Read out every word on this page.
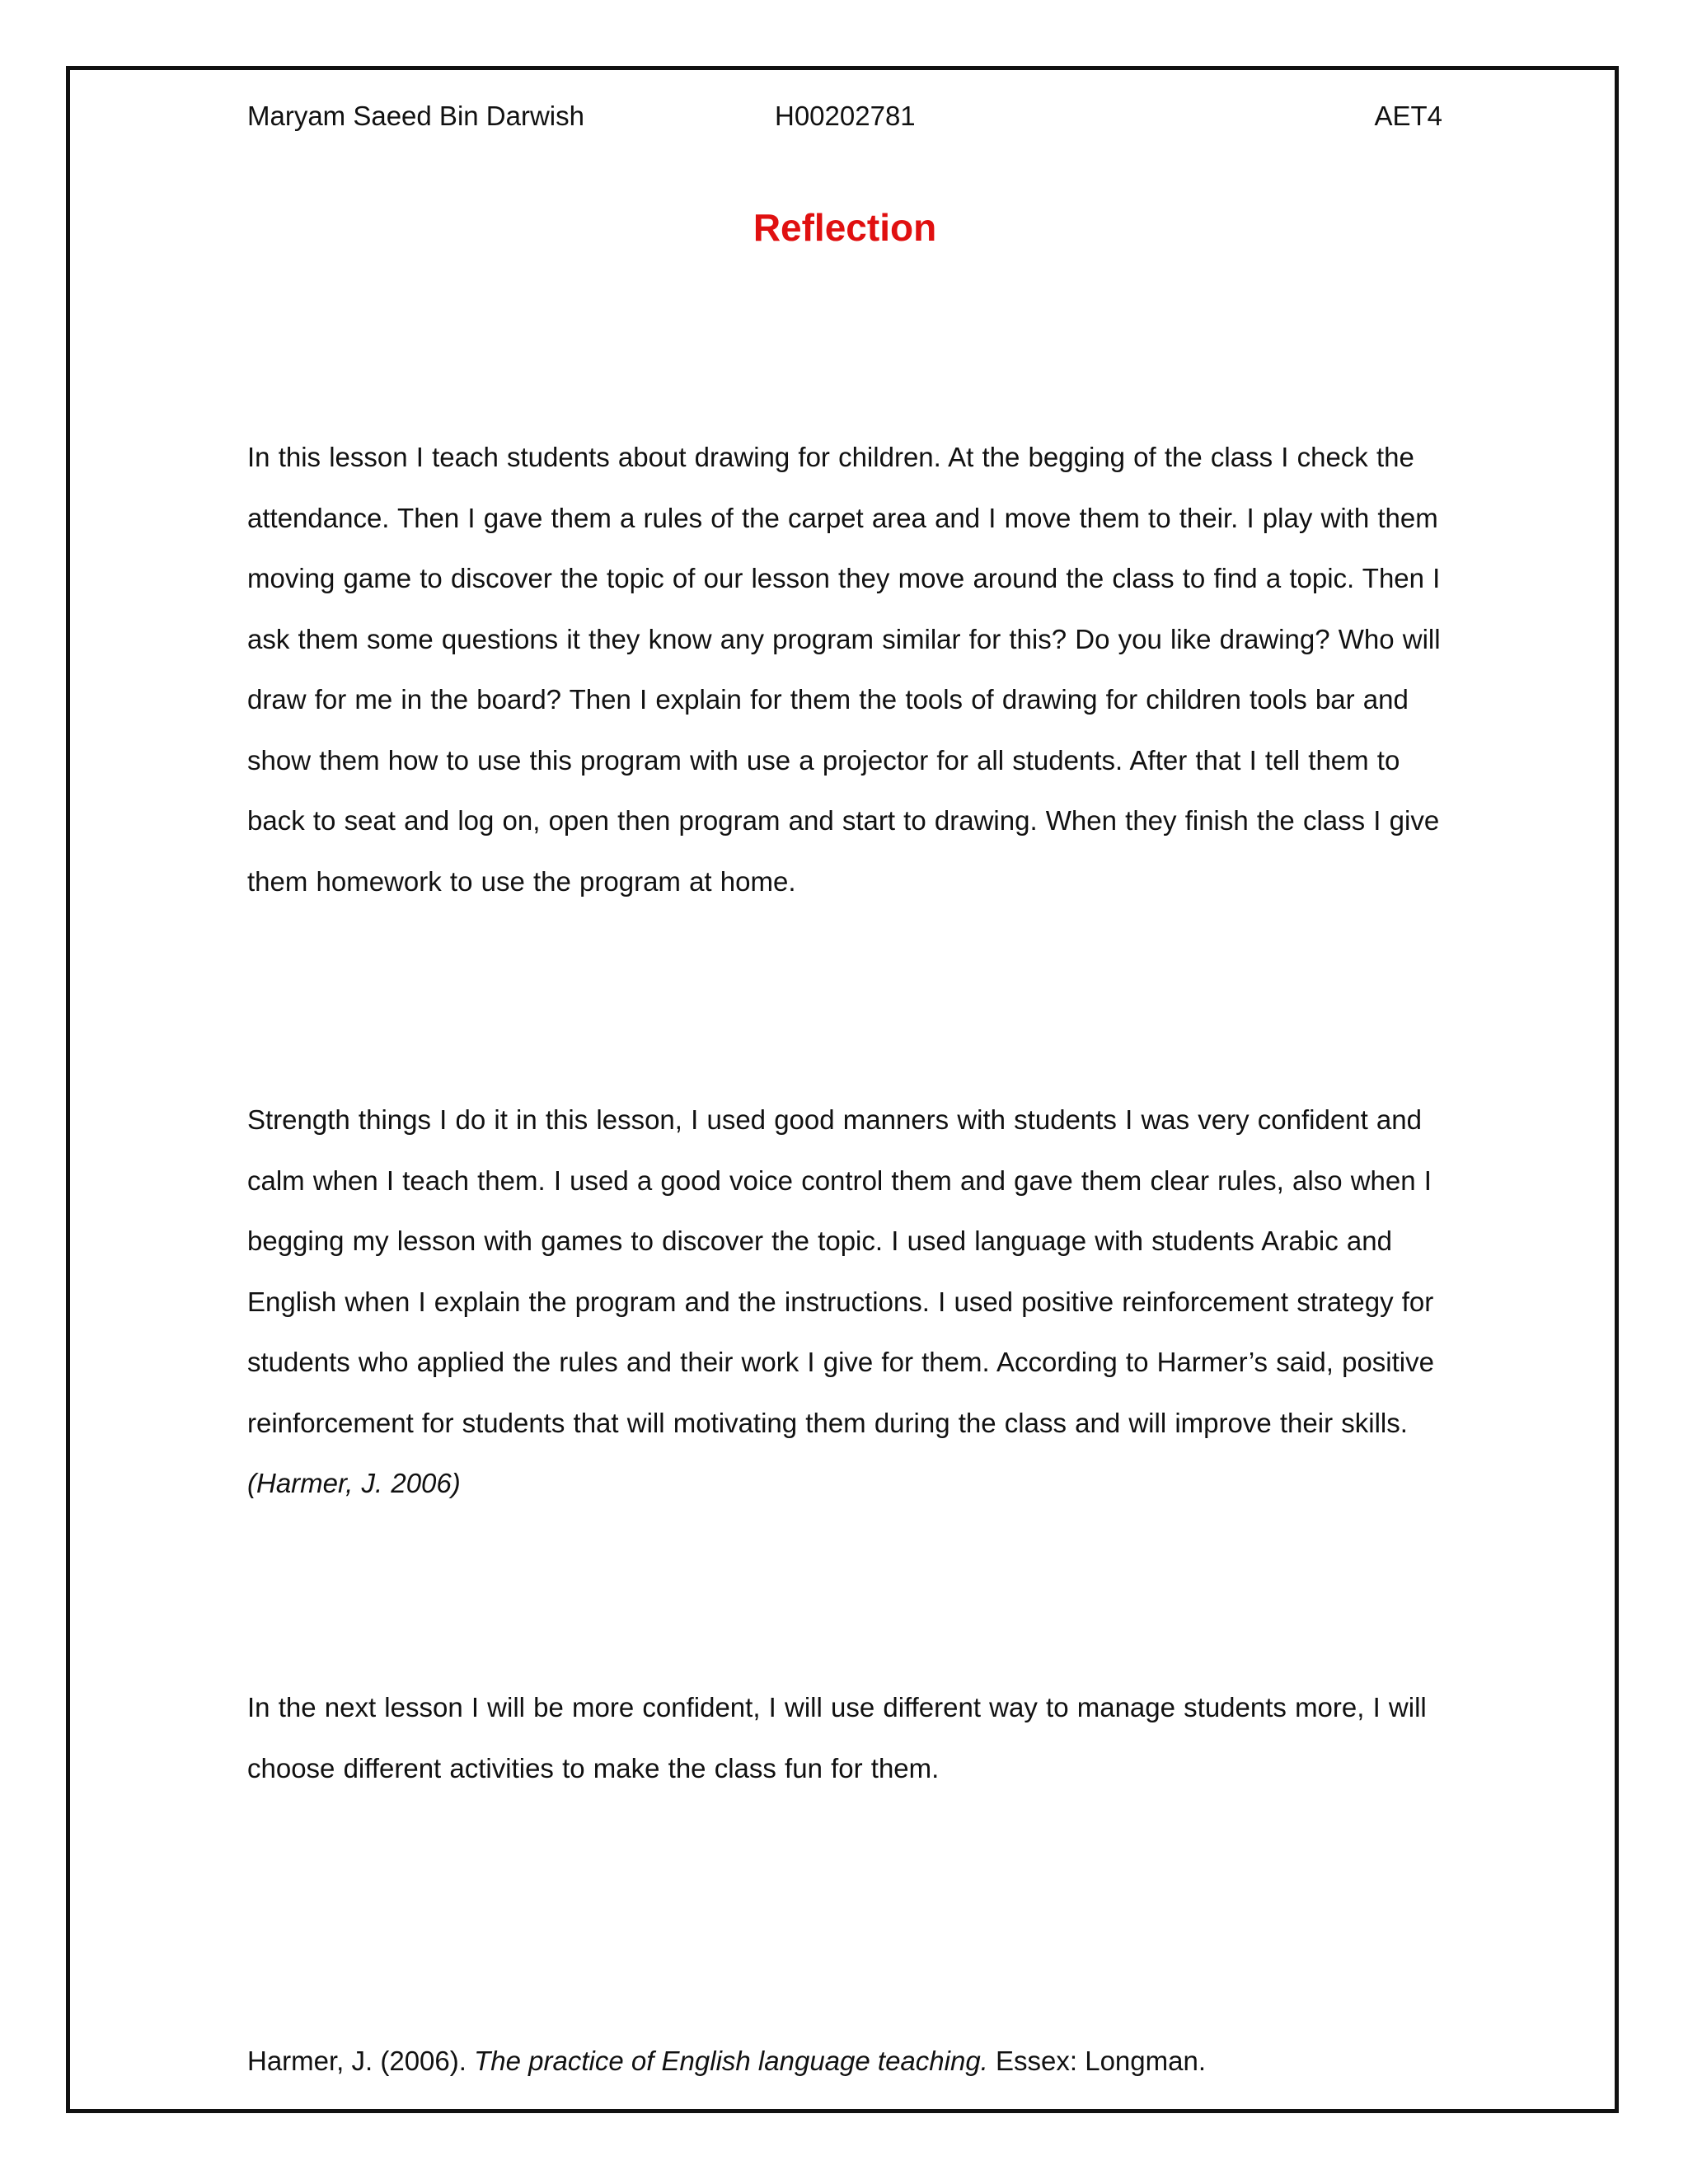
Maryam Saeed Bin Darwish	H00202781	AET4
Reflection

In this lesson I teach students about drawing for children. At the begging of the class I check the attendance. Then I gave them a rules of the carpet area and I move them to their. I play with them moving game to discover the topic of our lesson they move around the class to find a topic. Then I ask them some questions it they know any program similar for this? Do you like drawing? Who will draw for me in the board? Then I explain for them the tools of drawing for children tools bar and show them how to use this program with use a projector for all students. After that I tell them to back to seat and log on, open then program and start to drawing. When they finish the class I give them homework to use the program at home.

Strength things I do it in this lesson, I used good manners with students I was very confident and calm when I teach them. I used a good voice control them and gave them clear rules, also when I begging my lesson with games to discover the topic. I used language with students Arabic and English when I explain the program and the instructions. I used positive reinforcement strategy for students who applied the rules and their work I give for them. According to Harmer’s said, positive reinforcement for students that will motivating them during the class and will improve their skills. (Harmer, J. 2006)

In the next lesson I will be more confident, I will use different way to manage students more, I will choose different activities to make the class fun for them.

Harmer, J. (2006). The practice of English language teaching. Essex: Longman.
